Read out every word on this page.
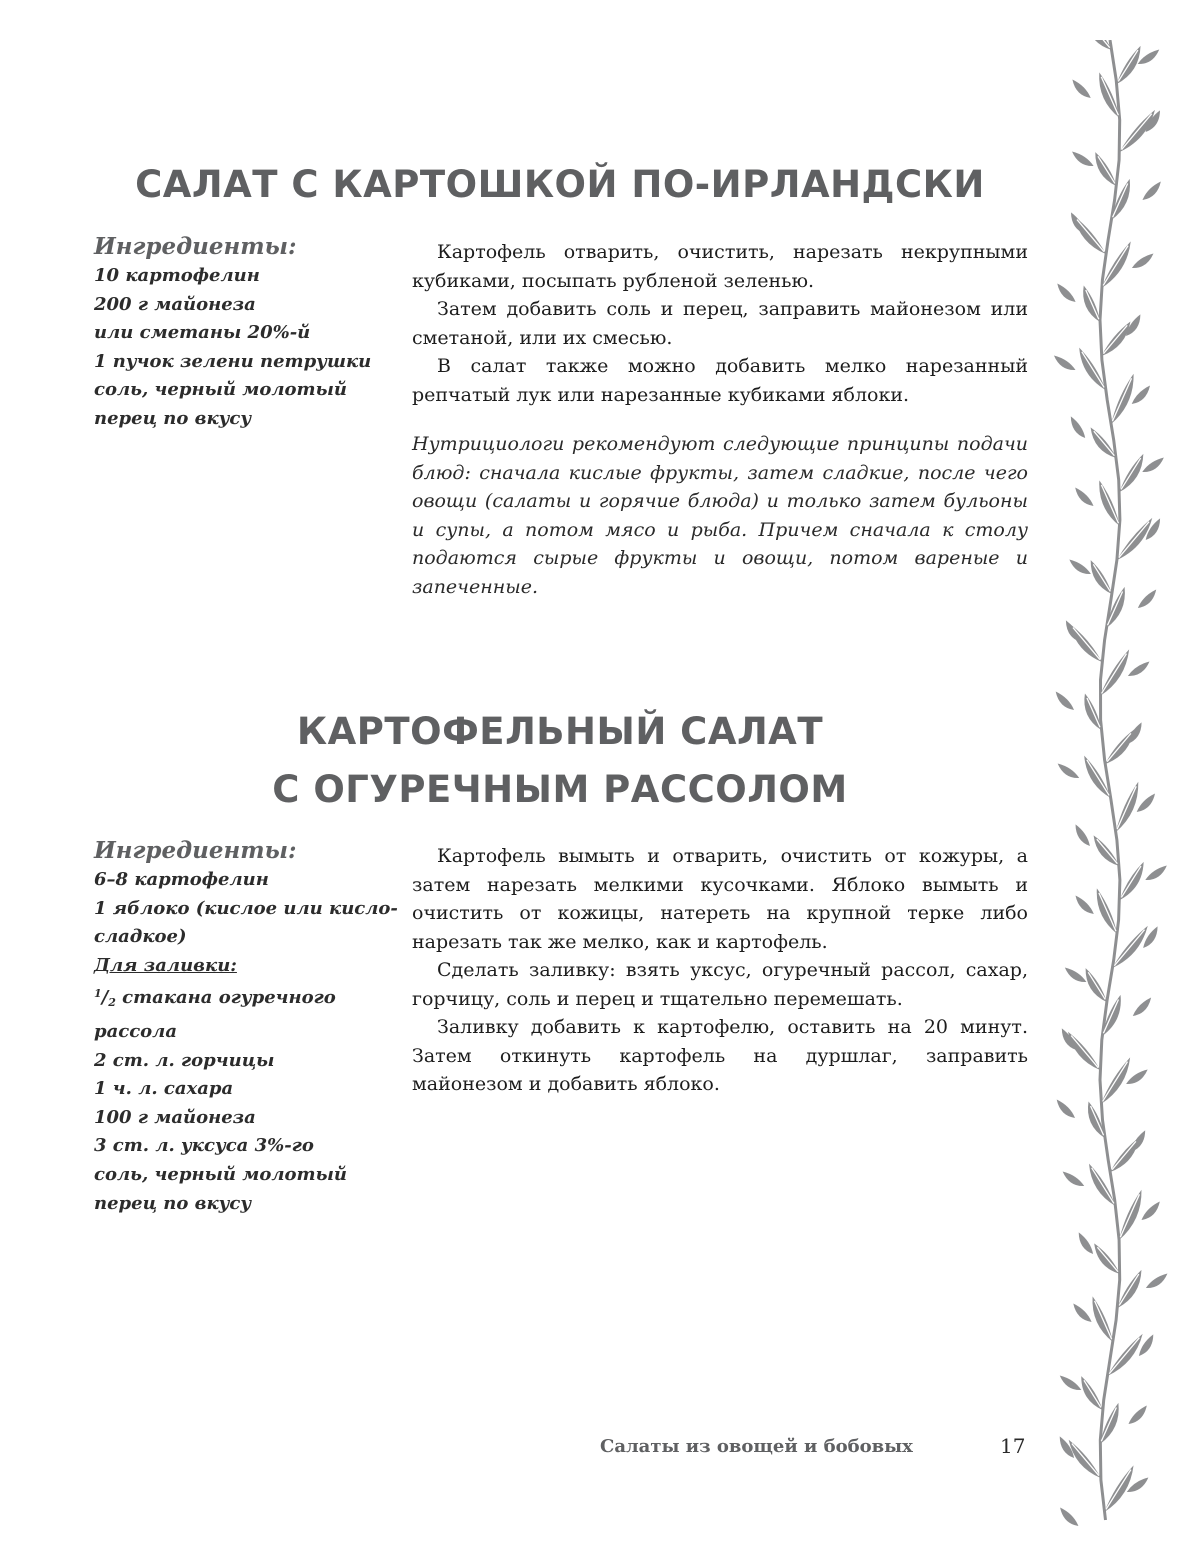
САЛАТ С КАРТОШКОЙ ПО-ИРЛАНДСКИ
Ингредиенты:
10 картофелин
200 г майонеза
или сметаны 20%-й
1 пучок зелени петрушки
соль, черный молотый
перец по вкусу

Картофель отварить, очистить, нарезать некрупными кубиками, посыпать рубленой зеленью.

Затем добавить соль и перец, заправить майонезом или сметаной, или их смесью.

В салат также можно добавить мелко нарезанный репчатый лук или нарезанные кубиками яблоки.

Нутрициологи рекомендуют следующие принципы подачи блюд: сначала кислые фрукты, затем сладкие, после чего овощи (салаты и горячие блюда) и только затем бульоны и супы, а потом мясо и рыба. Причем сначала к столу подаются сырые фрукты и овощи, потом вареные и запеченные.

КАРТОФЕЛЬНЫЙ САЛАТ
С ОГУРЕЧНЫМ РАССОЛОМ
Ингредиенты:
6–8 картофелин
1 яблоко (кислое или кисло-
сладкое)
Для заливки:
$^1/_2$ стакана огуречного
рассола
2 ст. л. горчицы
1 ч. л. сахара
100 г майонеза
3 ст. л. уксуса 3%-го
соль, черный молотый
перец по вкусу

Картофель вымыть и отварить, очистить от кожуры, а затем нарезать мелкими кусочками. Яблоко вымыть и очистить от кожицы, натереть на крупной терке либо нарезать так же мелко, как и картофель.

Сделать заливку: взять уксус, огуречный рассол, сахар, горчицу, соль и перец и тщательно перемешать.

Заливку добавить к картофелю, оставить на 20 минут. Затем откинуть картофель на дуршлаг, заправить майонезом и добавить яблоко.

Салаты из овощей и бобовых	17
